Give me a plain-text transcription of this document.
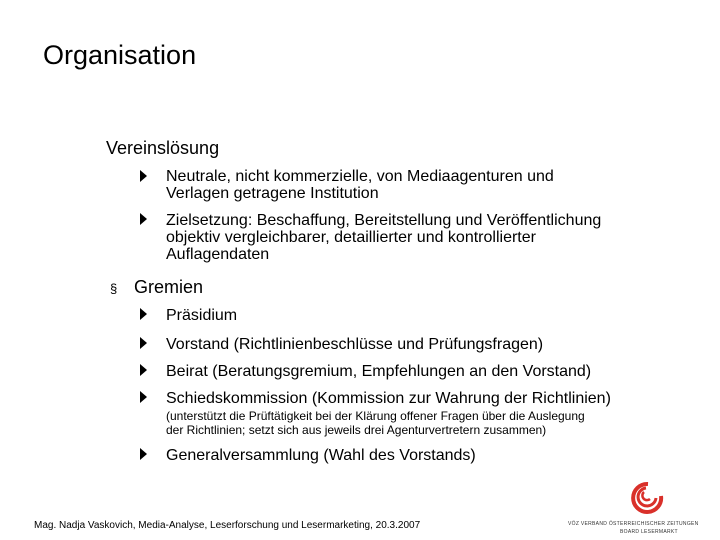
Organisation
Vereinslösung
Neutrale, nicht kommerzielle, von Mediaagenturen und
Verlagen getragene Institution
Zielsetzung: Beschaffung, Bereitstellung und Veröffentlichung
objektiv vergleichbarer, detaillierter und kontrollierter
Auflagendaten
§ Gremien
Präsidium
Vorstand (Richtlinienbeschlüsse und Prüfungsfragen)
Beirat (Beratungsgremium, Empfehlungen an den Vorstand)
Schiedskommission (Kommission zur Wahrung der Richtlinien)
(unterstützt die Prüftätigkeit bei der Klärung offener Fragen über die Auslegung
der Richtlinien; setzt sich aus jeweils drei Agenturvertretern zusammen)
Generalversammlung (Wahl des Vorstands)
Mag. Nadja Vaskovich, Media-Analyse, Leserforschung und Lesermarketing, 20.3.2007	VÖZ VERBAND ÖSTERREICHISCHER ZEITUNGEN
BOARD LESERMARKT
